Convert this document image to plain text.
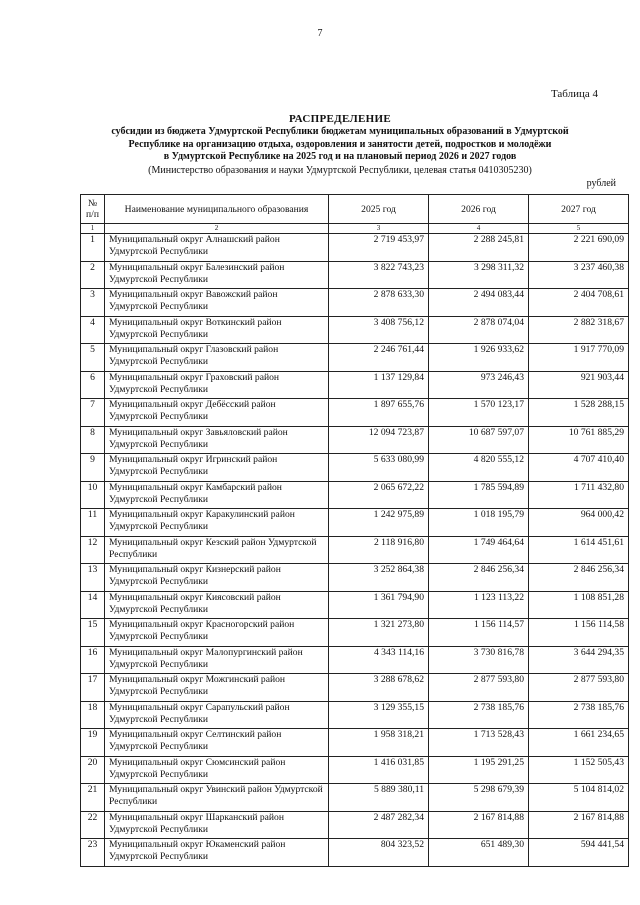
7
Таблица 4
РАСПРЕДЕЛЕНИЕ
субсидии из бюджета Удмуртской Республики бюджетам муниципальных образований в Удмуртской
Республике на организацию отдыха, оздоровления и занятости детей, подростков и молодёжи
в Удмуртской Республике на 2025 год и на плановый период 2026 и 2027 годов
(Министерство образования и науки Удмуртской Республики, целевая статья 0410305230)
рублей
№
п/п	Наименование муниципального образования	2025 год	2026 год	2027 год
1	2	3	4	5
1	Муниципальный округ Алнашский район Удмуртской Республики	2 719 453,97	2 288 245,81	2 221 690,09
2	Муниципальный округ Балезинский район Удмуртской Республики	3 822 743,23	3 298 311,32	3 237 460,38
3	Муниципальный округ Вавожский район Удмуртской Республики	2 878 633,30	2 494 083,44	2 404 708,61
4	Муниципальный округ Воткинский район Удмуртской Республики	3 408 756,12	2 878 074,04	2 882 318,67
5	Муниципальный округ Глазовский район Удмуртской Республики	2 246 761,44	1 926 933,62	1 917 770,09
6	Муниципальный округ Граховский район Удмуртской Республики	1 137 129,84	973 246,43	921 903,44
7	Муниципальный округ Дебёсский район Удмуртской Республики	1 897 655,76	1 570 123,17	1 528 288,15
8	Муниципальный округ Завьяловский район Удмуртской Республики	12 094 723,87	10 687 597,07	10 761 885,29
9	Муниципальный округ Игринский район Удмуртской Республики	5 633 080,99	4 820 555,12	4 707 410,40
10	Муниципальный округ Камбарский район Удмуртской Республики	2 065 672,22	1 785 594,89	1 711 432,80
11	Муниципальный округ Каракулинский район Удмуртской Республики	1 242 975,89	1 018 195,79	964 000,42
12	Муниципальный округ Кезский район Удмуртской Республики	2 118 916,80	1 749 464,64	1 614 451,61
13	Муниципальный округ Кизнерский район Удмуртской Республики	3 252 864,38	2 846 256,34	2 846 256,34
14	Муниципальный округ Киясовский район Удмуртской Республики	1 361 794,90	1 123 113,22	1 108 851,28
15	Муниципальный округ Красногорский район Удмуртской Республики	1 321 273,80	1 156 114,57	1 156 114,58
16	Муниципальный округ Малопургинский район Удмуртской Республики	4 343 114,16	3 730 816,78	3 644 294,35
17	Муниципальный округ Можгинский район Удмуртской Республики	3 288 678,62	2 877 593,80	2 877 593,80
18	Муниципальный округ Сарапульский район Удмуртской Республики	3 129 355,15	2 738 185,76	2 738 185,76
19	Муниципальный округ Селтинский район Удмуртской Республики	1 958 318,21	1 713 528,43	1 661 234,65
20	Муниципальный округ Сюмсинский район Удмуртской Республики	1 416 031,85	1 195 291,25	1 152 505,43
21	Муниципальный округ Увинский район Удмуртской Республики	5 889 380,11	5 298 679,39	5 104 814,02
22	Муниципальный округ Шарканский район Удмуртской Республики	2 487 282,34	2 167 814,88	2 167 814,88
23	Муниципальный округ Юкаменский район Удмуртской Республики	804 323,52	651 489,30	594 441,54
